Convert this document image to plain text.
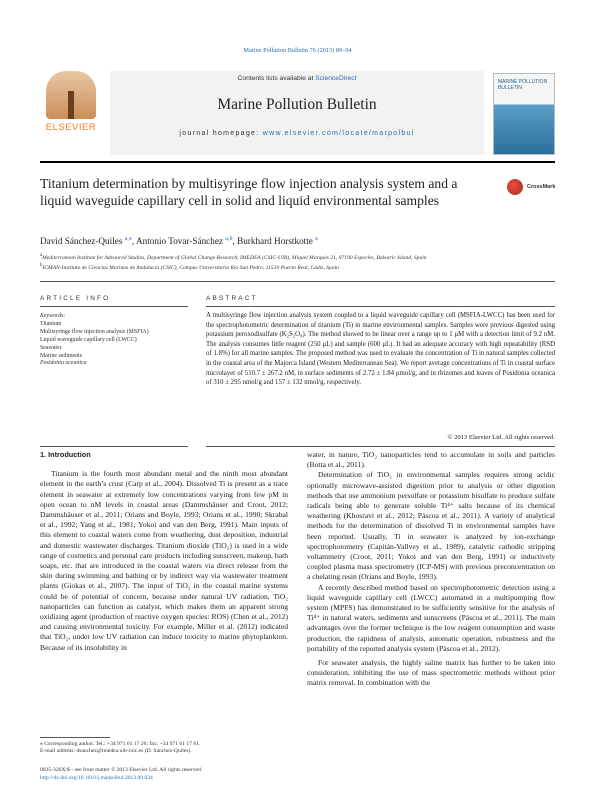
Marine Pollution Bulletin 76 (2013) 89–94
ELSEVIER
Contents lists available at ScienceDirect
Marine Pollution Bulletin
journal homepage: www.elsevier.com/locate/marpolbul
MARINE POLLUTION BULLETIN
Titanium determination by multisyringe flow injection analysis system and a liquid waveguide capillary cell in solid and liquid environmental samples
CrossMark
David Sánchez-Quiles $^{a,⁎}$, Antonio Tovar-Sánchez $^{a,b}$, Burkhard Horstkotte $^a$
$^a$Mediterranean Institute for Advanced Studies, Department of Global Change Research, IMEDEA (CSIC-UIB), Miquel Marquès 21, 07190 Esporles, Balearic Island, Spain
$^b$ICMAN-Instituto de Ciencias Marinas de Andalucía (CSIC), Campus Universitario Rio San Pedro, 11510 Puerto Real, Cádiz, Spain
ARTICLE INFO	ABSTRACT
Keywords:
Titanium
Multisyringe flow injection analysis (MSFIA)
Liquid waveguide capillary cell (LWCC)
Seawater
Marine sediments
Posidonia oceanica
A multisyringe flow injection analysis system coupled to a liquid waveguide capillary cell (MSFIA-LWCC) has been used for the spectrophotometric determination of titanium (Ti) in marine environmental samples. Samples were previous digested using potassium peroxodisulfate (K₂S₂O₈). The method showed to be linear over a range up to 1 μM with a detection limit of 9.2 nM. The analysis consumes little reagent (250 μL) and sample (600 μL). It had an adequate accuracy with high repeatability (RSD of 1.8%) for all marine samples. The proposed method was used to evaluate the concentration of Ti in natural samples collected in the coastal area of the Majorca Island (Western Mediterranean Sea). We report average concentrations of Ti in coastal surface microlayer of 510.7 ± 267.2 nM, in surface sediments of 2.72 ± 1.84 μmol/g, and in rhizomes and leaves of Posidonia oceanica of 310 ± 295 nmol/g and 157 ± 132 nmol/g, respectively.
© 2013 Elsevier Ltd. All rights reserved.
1. Introduction

Titanium is the fourth most abundant metal and the ninth most abundant element in the earth’s crust (Carp et al., 2004). Dissolved Ti is present as a trace element in seawater at extremely low concentrations varying from few pM in open ocean to nM levels in coastal areas (Dammshäuser and Croot, 2012; Dammshäuser et al., 2011; Orians and Boyle, 1993; Orians et al., 1990; Skrabal et al., 1992; Yang et al., 1981; Yokoi and van den Berg, 1991). Main inputs of this element to coastal waters come from weathering, dust deposition, industrial and domestic wastewater discharges. Titanium dioxide (TiO₂) is used in a wide range of cosmetics and personal care products including sunscreen, makeup, bath soaps, etc. that are introduced in the coastal waters via direct release from the skin during swimming and bathing or by indirect way via wastewater treatment plants (Giokas et al., 2007). The input of TiO₂ in the coastal marine systems could be of potential of concern, because under natural UV radiation, TiO₂ nanoparticles can function as catalyst, which makes them an apparent strong oxidizing agent (production of reactive oxygen species: ROS) (Chen et al., 2012) and causing environmental toxicity. For example, Miller et al. (2012) indicated that TiO₂, under low UV radiation can induce toxicity to marine phytoplankton. Because of its insolubility in

water, in nature, TiO₂ nanoparticles tend to accumulate in soils and particles (Botta et al., 2011).

Determination of TiO₂ in environmental samples requires strong acidic optionally microwave-assisted digestion prior to analysis or other digestion methods that use ammonium persulfate or potassium bisulfate to produce sulfate radicals being able to generate soluble Ti⁴⁺ salts because of its chemical weathering (Khosravi et al., 2012; Páscoa et al., 2011). A variety of analytical methods for the determination of dissolved Ti in environmental samples have been reported. Usually, Ti in seawater is analyzed by ion-exchange spectrophotometry (Capitán-Vallvey et al., 1989), catalytic cathodic stripping voltammetry (Croot, 2011; Yokoi and van den Berg, 1991) or inductively coupled plasma mass spectrometry (ICP-MS) with previous preconcentration on a chelating resin (Orians and Boyle, 1993).

A recently described method based on spectrophotometric detection using a liquid waveguide capillary cell (LWCC) automated in a multipumping flow system (MPFS) has demonstrated to be sufficiently sensitive for the analysis of Ti⁴⁺ in natural waters, sediments and sunscreens (Páscoa et al., 2011). The main advantages over the former technique is the low reagent consumption and waste production, the rapidness of analysis, automatic operation, robustness and the portability of the reported analysis system (Páscoa et al., 2012).

For seawater analysis, the highly saline matrix has further to be taken into consideration, inhibiting the use of mass spectrometric methods without prior matrix removal. In combination with the

⁎ Corresponding author. Tel.: +34 971 61 17 26; fax: +34 971 61 17 61.
E-mail address: dsanchez@imedea.uib-csic.es (D. Sánchez-Quiles).
0025-326X/$ - see front matter © 2013 Elsevier Ltd. All rights reserved.
http://dx.doi.org/10.1016/j.marpolbul.2013.09.024
